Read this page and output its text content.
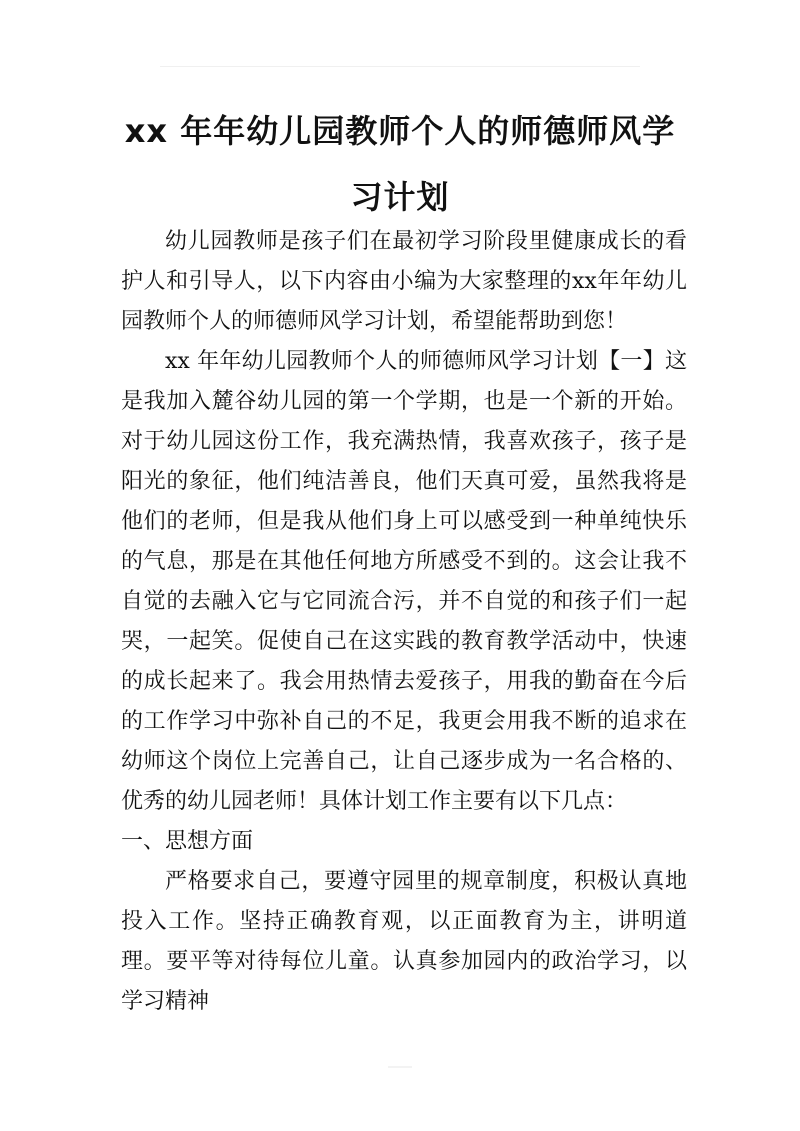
xx 年年幼儿园教师个人的师德师风学
习计划

幼儿园教师是孩子们在最初学习阶段里健康成长的看护人和引导人，以下内容由小编为大家整理的xx年年幼儿园教师个人的师德师风学习计划，希望能帮助到您！

xx 年年幼儿园教师个人的师德师风学习计划【一】这是我加入麓谷幼儿园的第一个学期，也是一个新的开始。对于幼儿园这份工作，我充满热情，我喜欢孩子，孩子是阳光的象征，他们纯洁善良，他们天真可爱，虽然我将是他们的老师，但是我从他们身上可以感受到一种单纯快乐的气息，那是在其他任何地方所感受不到的。这会让我不自觉的去融入它与它同流合污，并不自觉的和孩子们一起哭，一起笑。促使自己在这实践的教育教学活动中，快速的成长起来了。我会用热情去爱孩子，用我的勤奋在今后的工作学习中弥补自己的不足，我更会用我不断的追求在幼师这个岗位上完善自己，让自己逐步成为一名合格的、优秀的幼儿园老师！具体计划工作主要有以下几点：

一、思想方面

严格要求自己，要遵守园里的规章制度，积极认真地投入工作。坚持正确教育观，以正面教育为主，讲明道理。要平等对待每位儿童。认真参加园内的政治学习，以学习精神
